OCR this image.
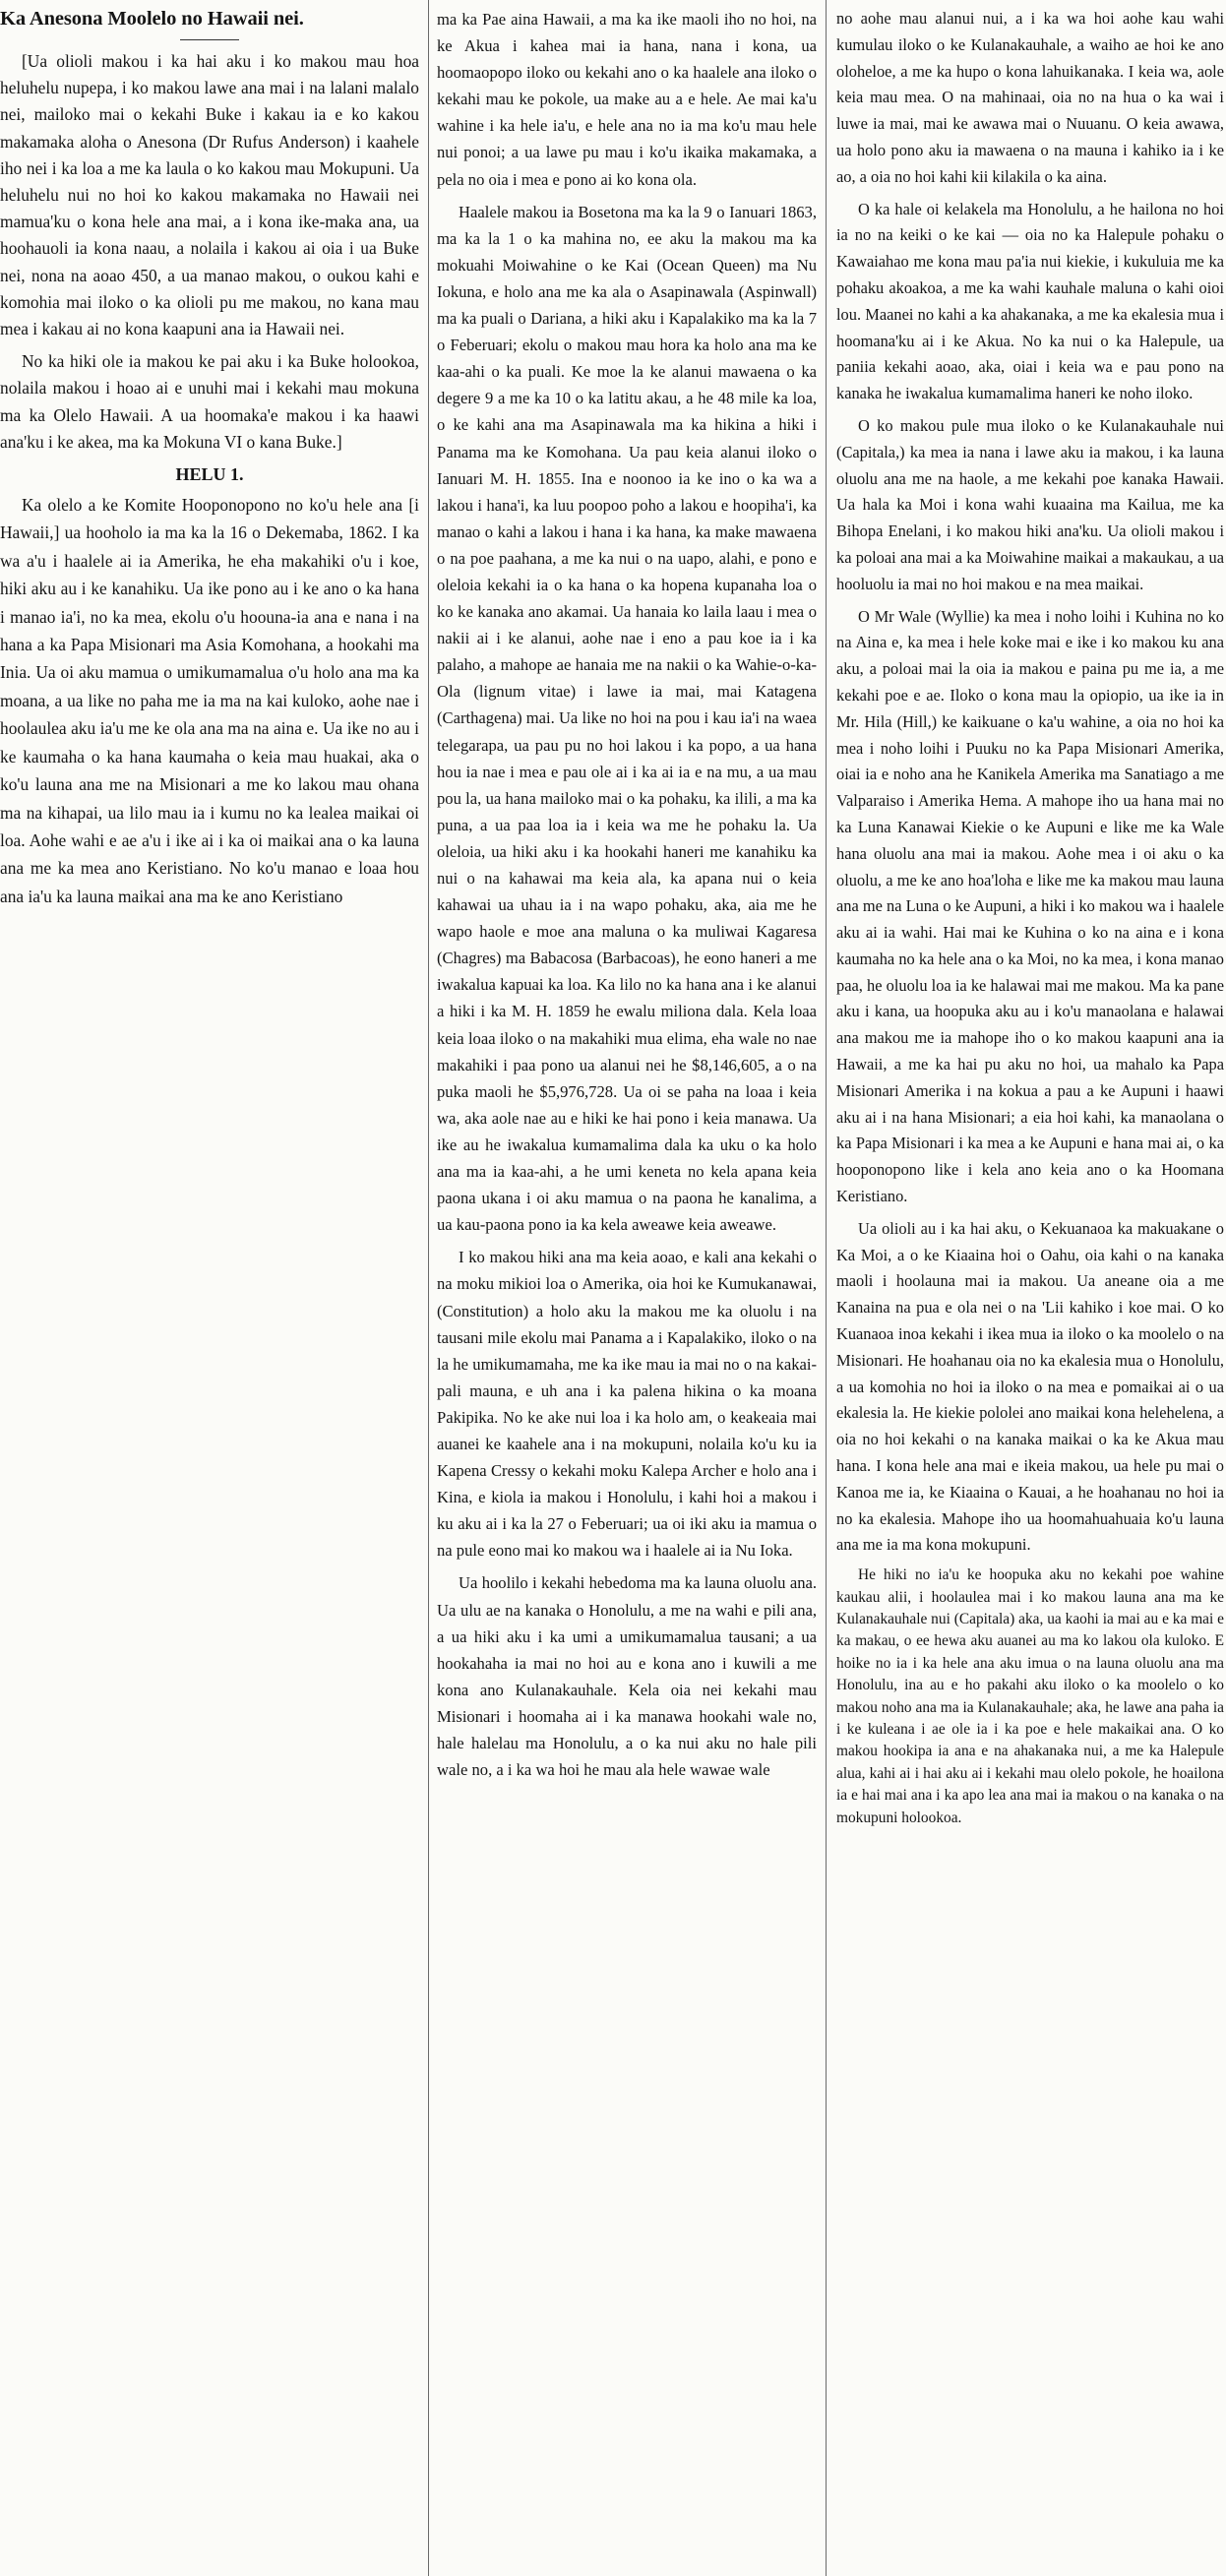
Ka Anesona Moolelo no Hawaii nei.

[Ua olioli makou i ka hai aku i ko makou mau hoa heluhelu nupepa, i ko makou lawe ana mai i na lalani malalo nei, mailoko mai o kekahi Buke i kakau ia e ko kakou makamaka aloha o Anesona (Dr Rufus Anderson) i kaahele iho nei i ka loa a me ka laula o ko kakou mau Mokupuni. Ua heluhelu nui no hoi ko kakou makamaka no Hawaii nei mamua'ku o kona hele ana mai, a i kona ike-maka ana, ua hoohauoli ia kona naau, a nolaila i kakou ai oia i ua Buke nei, nona na aoao 450, a ua manao makou, o oukou kahi e komohia mai iloko o ka olioli pu me makou, no kana mau mea i kakau ai no kona kaapuni ana ia Hawaii nei.

No ka hiki ole ia makou ke pai aku i ka Buke holookoa, nolaila makou i hoao ai e unuhi mai i kekahi mau mokuna ma ka Olelo Hawaii. A ua hoomaka'e makou i ka haawi ana'ku i ke akea, ma ka Mokuna VI o kana Buke.]

HELU 1.

Ka olelo a ke Komite Hooponopono no ko'u hele ana [i Hawaii,] ua hooholo ia ma ka la 16 o Dekemaba, 1862. I ka wa a'u i haalele ai ia Amerika, he eha makahiki o'u i koe, hiki aku au i ke kanahiku. Ua ike pono au i ke ano o ka hana i manao ia'i, no ka mea, ekolu o'u hoouna-ia ana e nana i na hana a ka Papa Misionari ma Asia Komohana, a hookahi ma Inia. Ua oi aku mamua o umikumamalua o'u holo ana ma ka moana, a ua like no paha me ia ma na kai kuloko, aohe nae i hoolaulea aku ia'u me ke ola ana ma na aina e. Ua ike no au i ke kaumaha o ka hana kaumaha o keia mau huakai, aka o ko'u launa ana me na Misionari a me ko lakou mau ohana ma na kihapai, ua lilo mau ia i kumu no ka lealea maikai oi loa. Aohe wahi e ae a'u i ike ai i ka oi maikai ana o ka launa ana me ka mea ano Keristiano. No ko'u manao e loaa hou ana ia'u ka launa maikai ana ma ke ano Keristiano

ma ka Pae aina Hawaii, a ma ka ike maoli iho no hoi, na ke Akua i kahea mai ia hana, nana i kona, ua hoomaopopo iloko ou kekahi ano o ka haalele ana iloko o kekahi mau ke pokole, ua make au a e hele. Ae mai ka'u wahine i ka hele ia'u, e hele ana no ia ma ko'u mau hele nui ponoi; a ua lawe pu mau i ko'u ikaika makamaka, a pela no oia i mea e pono ai ko kona ola.

Haalele makou ia Bosetona ma ka la 9 o Ianuari 1863, ma ka la 1 o ka mahina no, ee aku la makou ma ka mokuahi Moiwahine o ke Kai (Ocean Queen) ma Nu Iokuna, e holo ana me ka ala o Asapinawala (Aspinwall) ma ka puali o Dariana, a hiki aku i Kapalakiko ma ka la 7 o Feberuari; ekolu o makou mau hora ka holo ana ma ke kaa-ahi o ka puali. Ke moe la ke alanui mawaena o ka degere 9 a me ka 10 o ka latitu akau, a he 48 mile ka loa, o ke kahi ana ma Asapinawala ma ka hikina a hiki i Panama ma ke Komohana. Ua pau keia alanui iloko o Ianuari M. H. 1855. Ina e noonoo ia ke ino o ka wa a lakou i hana'i, ka luu poopoo poho a lakou e hoopiha'i, ka manao o kahi a lakou i hana i ka hana, ka make mawaena o na poe paahana, a me ka nui o na uapo, alahi, e pono e oleloia kekahi ia o ka hana o ka hopena kupanaha loa o ko ke kanaka ano akamai. Ua hanaia ko laila laau i mea o nakii ai i ke alanui, aohe nae i eno a pau koe ia i ka palaho, a mahope ae hanaia me na nakii o ka Wahie-o-ka-Ola (lignum vitae) i lawe ia mai, mai Katagena (Carthagena) mai. Ua like no hoi na pou i kau ia'i na waea telegarapa, ua pau pu no hoi lakou i ka popo, a ua hana hou ia nae i mea e pau ole ai i ka ai ia e na mu, a ua mau pou la, ua hana mailoko mai o ka pohaku, ka ilili, a ma ka puna, a ua paa loa ia i keia wa me he pohaku la. Ua oleloia, ua hiki aku i ka hookahi haneri me kanahiku ka nui o na kahawai ma keia ala, ka apana nui o keia kahawai ua uhau ia i na wapo pohaku, aka, aia me he wapo haole e moe ana maluna o ka muliwai Kagaresa (Chagres) ma Babacosa (Barbacoas), he eono haneri a me iwakalua kapuai ka loa. Ka lilo no ka hana ana i ke alanui a hiki i ka M. H. 1859 he ewalu miliona dala. Kela loaa keia loaa iloko o na makahiki mua elima, eha wale no nae makahiki i paa pono ua alanui nei he $8,146,605, a o na puka maoli he $5,976,728. Ua oi se paha na loaa i keia wa, aka aole nae au e hiki ke hai pono i keia manawa. Ua ike au he iwakalua kumamalima dala ka uku o ka holo ana ma ia kaa-ahi, a he umi keneta no kela apana keia paona ukana i oi aku mamua o na paona he kanalima, a ua kau-paona pono ia ka kela aweawe keia aweawe.

I ko makou hiki ana ma keia aoao, e kali ana kekahi o na moku mikioi loa o Amerika, oia hoi ke Kumukanawai, (Constitution) a holo aku la makou me ka oluolu i na tausani mile ekolu mai Panama a i Kapalakiko, iloko o na la he umikumamaha, me ka ike mau ia mai no o na kakai-pali mauna, e uh ana i ka palena hikina o ka moana Pakipika. No ke ake nui loa i ka holo am, o keakeaia mai auanei ke kaahele ana i na mokupuni, nolaila ko'u ku ia Kapena Cressy o kekahi moku Kalepa Archer e holo ana i Kina, e kiola ia makou i Honolulu, i kahi hoi a makou i ku aku ai i ka la 27 o Feberuari; ua oi iki aku ia mamua o na pule eono mai ko makou wa i haalele ai ia Nu Ioka.

Ua hoolilo i kekahi hebedoma ma ka launa oluolu ana. Ua ulu ae na kanaka o Honolulu, a me na wahi e pili ana, a ua hiki aku i ka umi a umikumamalua tausani; a ua hookahaha ia mai no hoi au e kona ano i kuwili a me kona ano Kulanakauhale. Kela oia nei kekahi mau Misionari i hoomaha ai i ka manawa hookahi wale no, hale halelau ma Honolulu, a o ka nui aku no hale pili wale no, a i ka wa hoi he mau ala hele wawae wale

no aohe mau alanui nui, a i ka wa hoi aohe kau wahi kumulau iloko o ke Kulanakauhale, a waiho ae hoi ke ano oloheloe, a me ka hupo o kona lahuikanaka. I keia wa, aole keia mau mea. O na mahinaai, oia no na hua o ka wai i luwe ia mai, mai ke awawa mai o Nuuanu. O keia awawa, ua holo pono aku ia mawaena o na mauna i kahiko ia i ke ao, a oia no hoi kahi kii kilakila o ka aina.

O ka hale oi kelakela ma Honolulu, a he hailona no hoi ia no na keiki o ke kai — oia no ka Halepule pohaku o Kawaiahao me kona mau pa'ia nui kiekie, i kukuluia me ka pohaku akoakoa, a me ka wahi kauhale maluna o kahi oioi lou. Maanei no kahi a ka ahakanaka, a me ka ekalesia mua i hoomana'ku ai i ke Akua. No ka nui o ka Halepule, ua paniia kekahi aoao, aka, oiai i keia wa e pau pono na kanaka he iwakalua kumamalima haneri ke noho iloko.

O ko makou pule mua iloko o ke Kulanakauhale nui (Capitala,) ka mea ia nana i lawe aku ia makou, i ka launa oluolu ana me na haole, a me kekahi poe kanaka Hawaii. Ua hala ka Moi i kona wahi kuaaina ma Kailua, me ka Bihopa Enelani, i ko makou hiki ana'ku. Ua olioli makou i ka poloai ana mai a ka Moiwahine maikai a makaukau, a ua hooluolu ia mai no hoi makou e na mea maikai.

O Mr Wale (Wyllie) ka mea i noho loihi i Kuhina no ko na Aina e, ka mea i hele koke mai e ike i ko makou ku ana aku, a poloai mai la oia ia makou e paina pu me ia, a me kekahi poe e ae. Iloko o kona mau la opiopio, ua ike ia in Mr. Hila (Hill,) ke kaikuane o ka'u wahine, a oia no hoi ka mea i noho loihi i Puuku no ka Papa Misionari Amerika, oiai ia e noho ana he Kanikela Amerika ma Sanatiago a me Valparaiso i Amerika Hema. A mahope iho ua hana mai no ka Luna Kanawai Kiekie o ke Aupuni e like me ka Wale hana oluolu ana mai ia makou. Aohe mea i oi aku o ka oluolu, a me ke ano hoa'loha e like me ka makou mau launa ana me na Luna o ke Aupuni, a hiki i ko makou wa i haalele aku ai ia wahi. Hai mai ke Kuhina o ko na aina e i kona kaumaha no ka hele ana o ka Moi, no ka mea, i kona manao paa, he oluolu loa ia ke halawai mai me makou. Ma ka pane aku i kana, ua hoopuka aku au i ko'u manaolana e halawai ana makou me ia mahope iho o ko makou kaapuni ana ia Hawaii, a me ka hai pu aku no hoi, ua mahalo ka Papa Misionari Amerika i na kokua a pau a ke Aupuni i haawi aku ai i na hana Misionari; a eia hoi kahi, ka manaolana o ka Papa Misionari i ka mea a ke Aupuni e hana mai ai, o ka hooponopono like i kela ano keia ano o ka Hoomana Keristiano.

Ua olioli au i ka hai aku, o Kekuanaoa ka makuakane o Ka Moi, a o ke Kiaaina hoi o Oahu, oia kahi o na kanaka maoli i hoolauna mai ia makou. Ua aneane oia a me Kanaina na pua e ola nei o na 'Lii kahiko i koe mai. O ko Kuanaoa inoa kekahi i ikea mua ia iloko o ka moolelo o na Misionari. He hoahanau oia no ka ekalesia mua o Honolulu, a ua komohia no hoi ia iloko o na mea e pomaikai ai o ua ekalesia la. He kiekie pololei ano maikai kona helehelena, a oia no hoi kekahi o na kanaka maikai o ka ke Akua mau hana. I kona hele ana mai e ikeia makou, ua hele pu mai o Kanoa me ia, ke Kiaaina o Kauai, a he hoahanau no hoi ia no ka ekalesia. Mahope iho ua hoomahuahuaia ko'u launa ana me ia ma kona mokupuni.

He hiki no ia'u ke hoopuka aku no kekahi poe wahine kaukau alii, i hoolaulea mai i ko makou launa ana ma ke Kulanakauhale nui (Capitala) aka, ua kaohi ia mai au e ka mai e ka makau, o ee hewa aku auanei au ma ko lakou ola kuloko. E hoike no ia i ka hele ana aku imua o na launa oluolu ana ma Honolulu, ina au e ho pakahi aku iloko o ka moolelo o ko makou noho ana ma ia Kulanakauhale; aka, he lawe ana paha ia i ke kuleana i ae ole ia i ka poe e hele makaikai ana. O ko makou hookipa ia ana e na ahakanaka nui, a me ka Halepule alua, kahi ai i hai aku ai i kekahi mau olelo pokole, he hoailona ia e hai mai ana i ka apo lea ana mai ia makou o na kanaka o na mokupuni holookoa.
